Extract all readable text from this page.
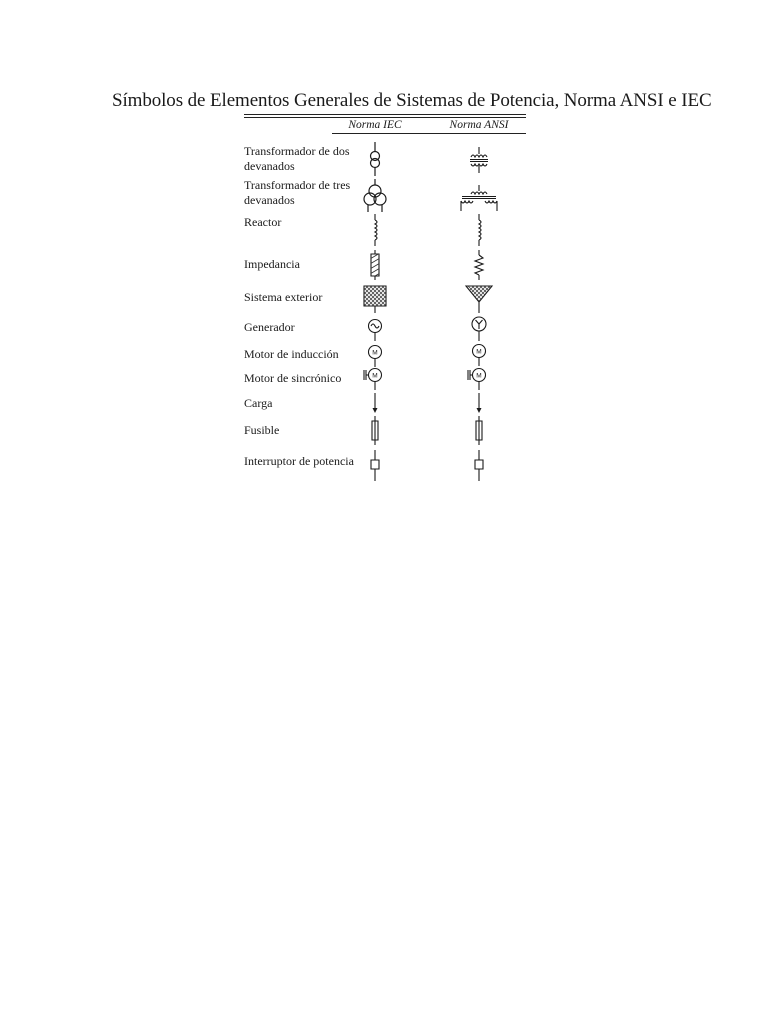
Símbolos de Elementos Generales de Sistemas de Potencia, Norma ANSI e IEC
Norma IEC	Norma ANSI
Transformador de dos devanados
Transformador de tres devanados
Reactor
Impedancia
Sistema exterior
Generador
Motor de inducción	M	M
Motor de sincrónico	M	M
Carga
Fusible
Interruptor de potencia
